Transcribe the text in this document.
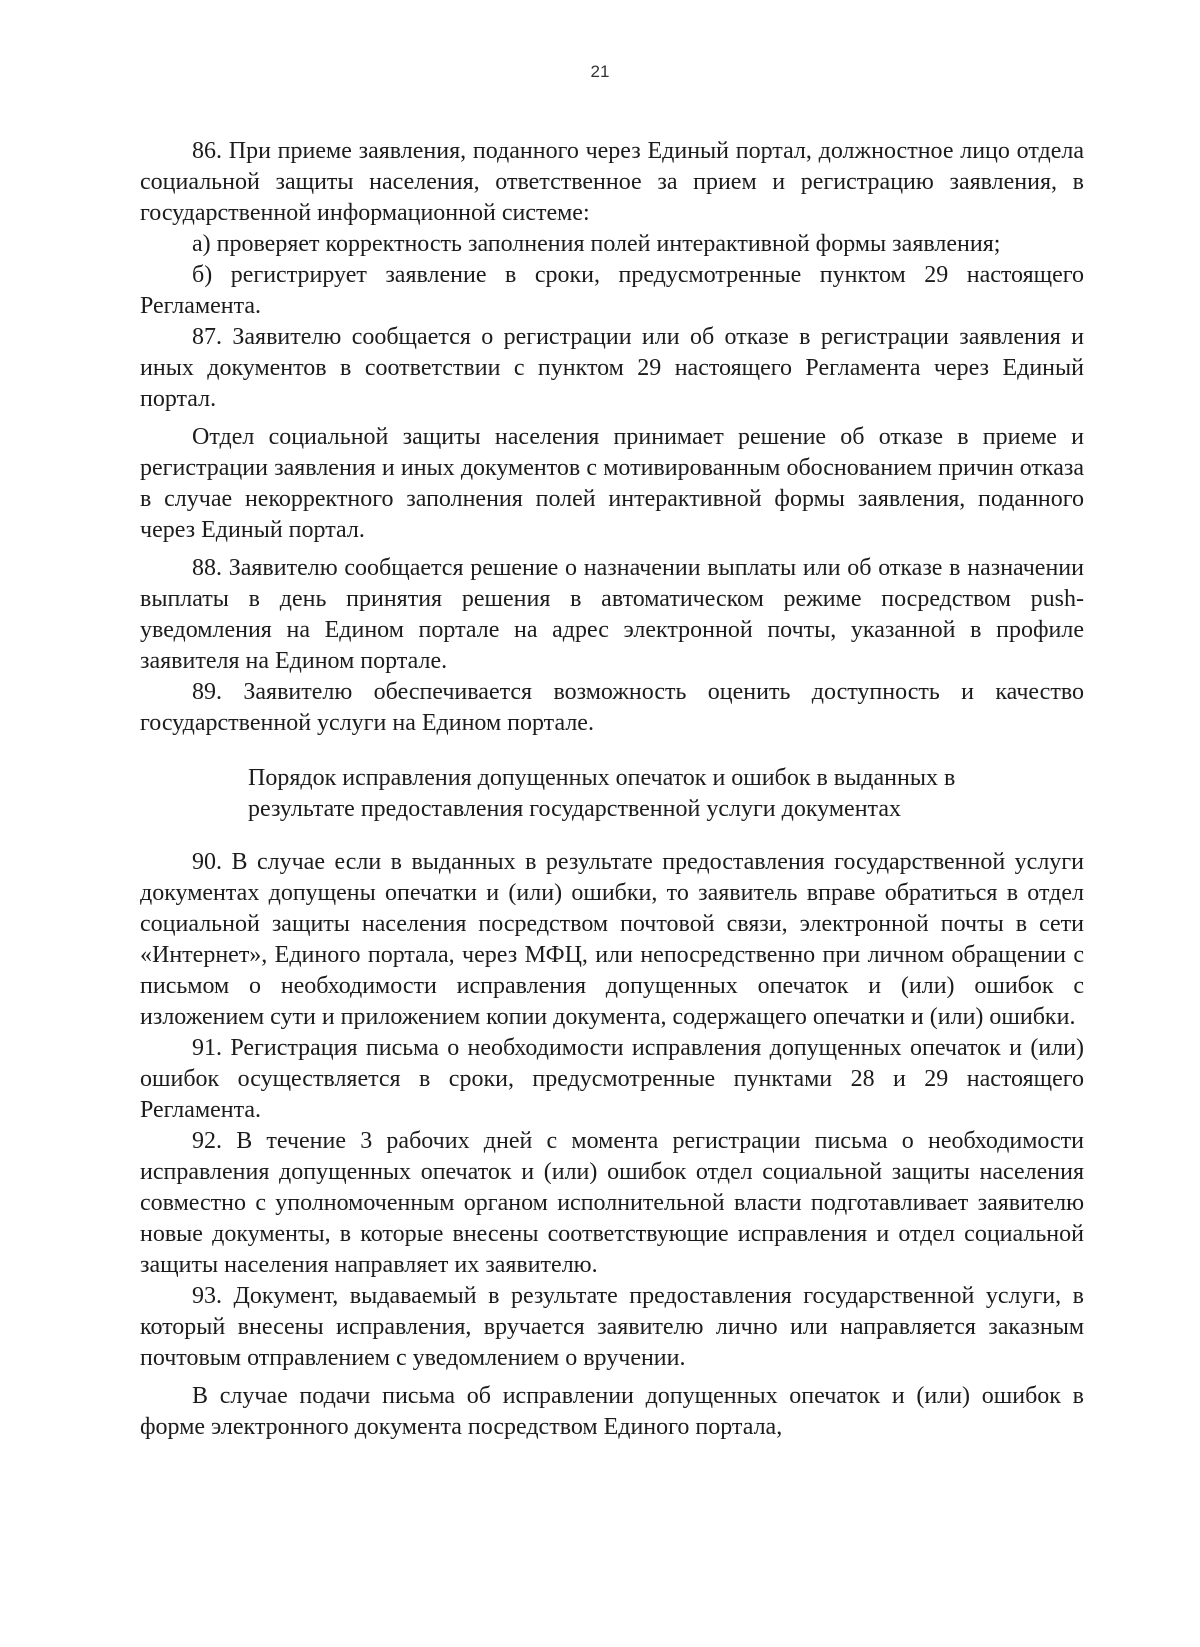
21

86. При приеме заявления, поданного через Единый портал, должностное лицо отдела социальной защиты населения, ответственное за прием и регистрацию заявления, в государственной информационной системе:

а) проверяет корректность заполнения полей интерактивной формы заявления;

б) регистрирует заявление в сроки, предусмотренные пунктом 29 настоящего Регламента.

87. Заявителю сообщается о регистрации или об отказе в регистрации заявления и иных документов в соответствии с пунктом 29 настоящего Регламента через Единый портал.

Отдел социальной защиты населения принимает решение об отказе в приеме и регистрации заявления и иных документов с мотивированным обоснованием причин отказа в случае некорректного заполнения полей интерактивной формы заявления, поданного через Единый портал.

88. Заявителю сообщается решение о назначении выплаты или об отказе в назначении выплаты в день принятия решения в автоматическом режиме посредством push-уведомления на Едином портале на адрес электронной почты, указанной в профиле заявителя на Едином портале.

89. Заявителю обеспечивается возможность оценить доступность и качество государственной услуги на Едином портале.

Порядок исправления допущенных опечаток и ошибок в выданных в
результате предоставления государственной услуги документах

90. В случае если в выданных в результате предоставления государственной услуги документах допущены опечатки и (или) ошибки, то заявитель вправе обратиться в отдел социальной защиты населения посредством почтовой связи, электронной почты в сети «Интернет», Единого портала, через МФЦ, или непосредственно при личном обращении с письмом о необходимости исправления допущенных опечаток и (или) ошибок с изложением сути и приложением копии документа, содержащего опечатки и (или) ошибки.

91. Регистрация письма о необходимости исправления допущенных опечаток и (или) ошибок осуществляется в сроки, предусмотренные пунктами 28 и 29 настоящего Регламента.

92. В течение 3 рабочих дней с момента регистрации письма о необходимости исправления допущенных опечаток и (или) ошибок отдел социальной защиты населения совместно с уполномоченным органом исполнительной власти подготавливает заявителю новые документы, в которые внесены соответствующие исправления и отдел социальной защиты населения направляет их заявителю.

93. Документ, выдаваемый в результате предоставления государственной услуги, в который внесены исправления, вручается заявителю лично или направляется заказным почтовым отправлением с уведомлением о вручении.

В случае подачи письма об исправлении допущенных опечаток и (или) ошибок в форме электронного документа посредством Единого портала,
